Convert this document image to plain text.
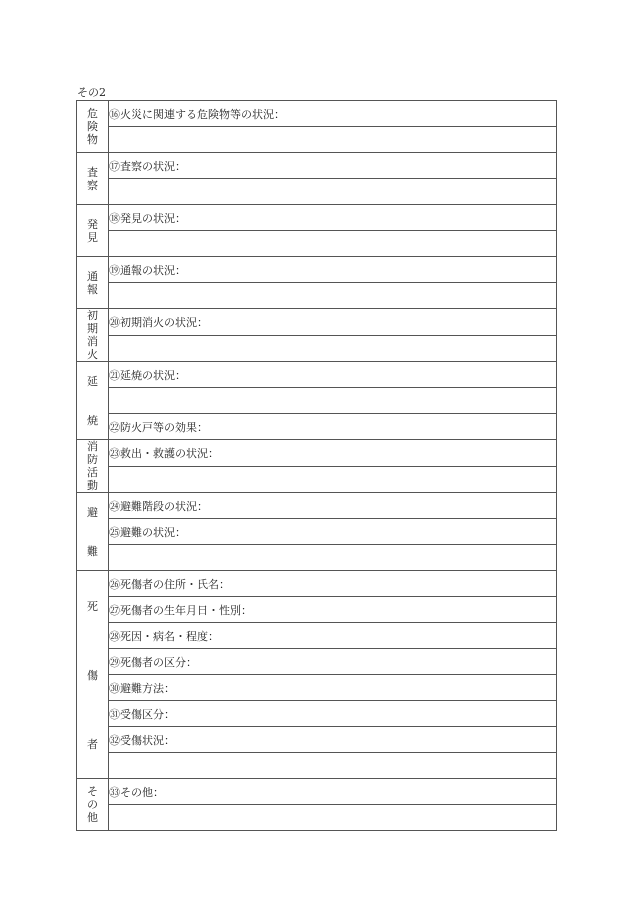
その2
危
険
物	⑯火災に関連する危険物等の状況：

査
察	⑰査察の状況：

発
見	⑱発見の状況：

通
報	⑲通報の状況：

初
期
消
火	⑳初期消火の状況：

延
焼	㉑延焼の状況：

	㉒防火戸等の効果：

消
防
活
動	㉓救出・救護の状況：

避
難	㉔避難階段の状況：
	㉕避難の状況：

死
傷
者	㉖死傷者の住所・氏名：
	㉗死傷者の生年月日・性別：
	㉘死因・病名・程度：
	㉙死傷者の区分：
	㉚避難方法：
	㉛受傷区分：
	㉜受傷状況：

そ
の
他	㉝その他：
